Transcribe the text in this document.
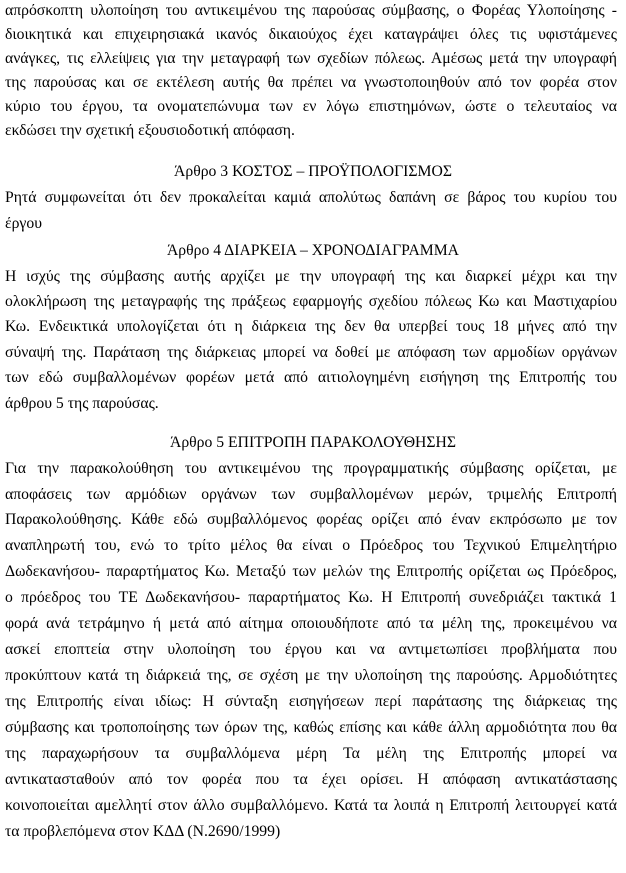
απρόσκοπτη υλοποίηση του αντικειμένου της παρούσας σύμβασης, ο Φορέας Υλοποίησης -
διοικητικά και επιχειρησιακά ικανός δικαιούχος έχει καταγράψει όλες τις υφιστάμενες
ανάγκες, τις ελλείψεις για την μεταγραφή των σχεδίων πόλεως. Αμέσως μετά την υπογραφή
της παρούσας και σε εκτέλεση αυτής θα πρέπει να γνωστοποιηθούν από τον φορέα στον
κύριο του έργου, τα ονοματεπώνυμα των εν λόγω επιστημόνων, ώστε ο τελευταίος να
εκδώσει την σχετική εξουσιοδοτική απόφαση.
Άρθρο 3 ΚΟΣΤΟΣ – ΠΡΟΫΠΟΛΟΓΙΣΜΟΣ
Ρητά συμφωνείται ότι δεν προκαλείται καμιά απολύτως δαπάνη σε βάρος του κυρίου του
έργου
Άρθρο 4 ΔΙΑΡΚΕΙΑ – ΧΡΟΝΟΔΙΑΓΡΑΜΜΑ
Η ισχύς της σύμβασης αυτής αρχίζει με την υπογραφή της και διαρκεί μέχρι και την
ολοκλήρωση της μεταγραφής της πράξεως εφαρμογής σχεδίου πόλεως Κω και Μαστιχαρίου
Κω. Ενδεικτικά υπολογίζεται ότι η διάρκεια της δεν θα υπερβεί τους 18 μήνες από την
σύναψή της. Παράταση της διάρκειας μπορεί να δοθεί με απόφαση των αρμοδίων οργάνων
των εδώ συμβαλλομένων φορέων μετά από αιτιολογημένη εισήγηση της Επιτροπής του
άρθρου 5 της παρούσας.
Άρθρο 5 ΕΠΙΤΡΟΠΗ ΠΑΡΑΚΟΛΟΥΘΗΣΗΣ
Για την παρακολούθηση του αντικειμένου της προγραμματικής σύμβασης ορίζεται, με
αποφάσεις των αρμόδιων οργάνων των συμβαλλομένων μερών, τριμελής Επιτροπή
Παρακολούθησης. Κάθε εδώ συμβαλλόμενος φορέας ορίζει από έναν εκπρόσωπο με τον
αναπληρωτή του, ενώ το τρίτο μέλος θα είναι ο Πρόεδρος του Τεχνικού Επιμελητήριο
Δωδεκανήσου- παραρτήματος Κω. Μεταξύ των μελών της Επιτροπής ορίζεται ως Πρόεδρος,
ο πρόεδρος του ΤΕ Δωδεκανήσου- παραρτήματος Κω. Η Επιτροπή συνεδριάζει τακτικά 1
φορά ανά τετράμηνο ή μετά από αίτημα οποιουδήποτε από τα μέλη της, προκειμένου να
ασκεί εποπτεία στην υλοποίηση του έργου και να αντιμετωπίσει προβλήματα που
προκύπτουν κατά τη διάρκειά της, σε σχέση με την υλοποίηση της παρούσης. Αρμοδιότητες
της Επιτροπής είναι ιδίως: Η σύνταξη εισηγήσεων περί παράτασης της διάρκειας της
σύμβασης και τροποποίησης των όρων της, καθώς επίσης και κάθε άλλη αρμοδιότητα που θα
της παραχωρήσουν τα συμβαλλόμενα μέρη Τα μέλη της Επιτροπής μπορεί να
αντικατασταθούν από τον φορέα που τα έχει ορίσει. Η απόφαση αντικατάστασης
κοινοποιείται αμελλητί στον άλλο συμβαλλόμενο. Κατά τα λοιπά η Επιτροπή λειτουργεί κατά
τα προβλεπόμενα στον ΚΔΔ (Ν.2690/1999)
